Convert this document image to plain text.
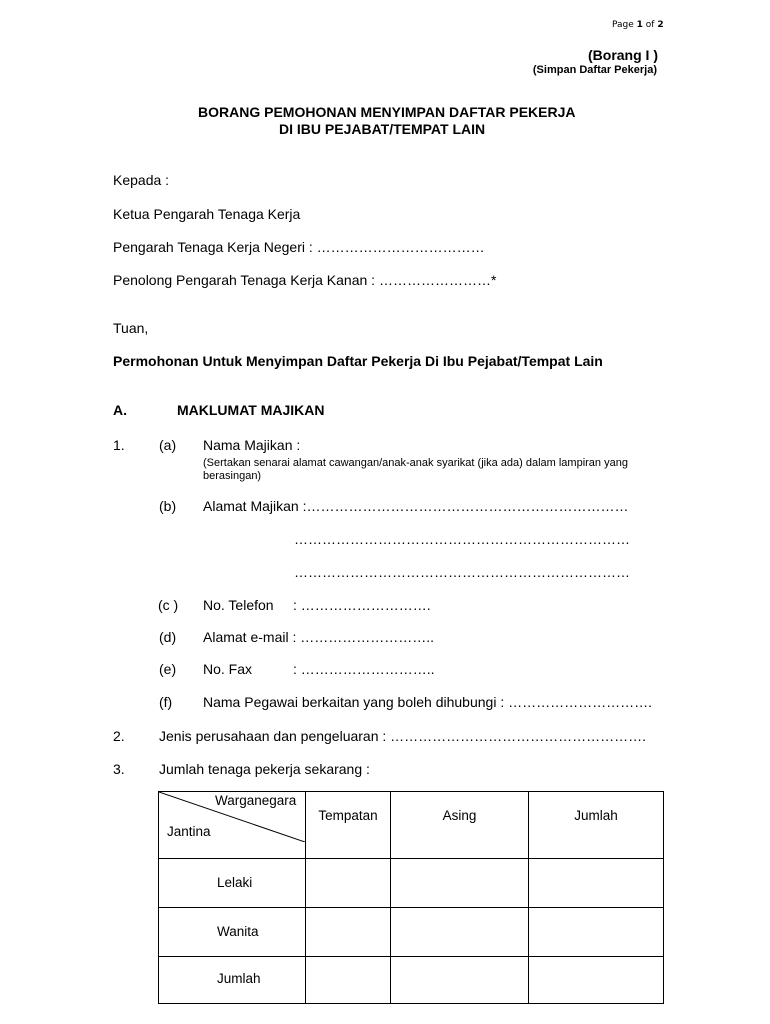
Page 1 of 2
(Borang I )
(Simpan Daftar Pekerja)
BORANG PEMOHONAN MENYIMPAN DAFTAR PEKERJA
DI IBU PEJABAT/TEMPAT LAIN
Kepada :
Ketua Pengarah Tenaga Kerja
Pengarah Tenaga Kerja Negeri : ………………………………
Penolong Pengarah Tenaga Kerja Kanan : ……………………*
Tuan,
Permohonan Untuk Menyimpan Daftar Pekerja Di Ibu Pejabat/Tempat Lain
A.	MAKLUMAT MAJIKAN
1. (a) Nama Majikan :
(Sertakan senarai alamat cawangan/anak-anak syarikat (jika ada) dalam lampiran yang berasingan)
(b) Alamat Majikan :……………………………………………………………
………………………………………………………………
………………………………………………………………
(c ) No. Telefon : ……………………….
(d) Alamat e-mail : ………………………..
(e) No. Fax	: ………………………..
(f) Nama Pegawai berkaitan yang boleh dihubungi : ………………………….
2. Jenis perusahaan dan pengeluaran : ……………………………………………….
3. Jumlah tenaga pekerja sekarang :
Warganegara
Jantina	Tempatan	Asing	Jumlah
Lelaki			
Wanita			
Jumlah			
